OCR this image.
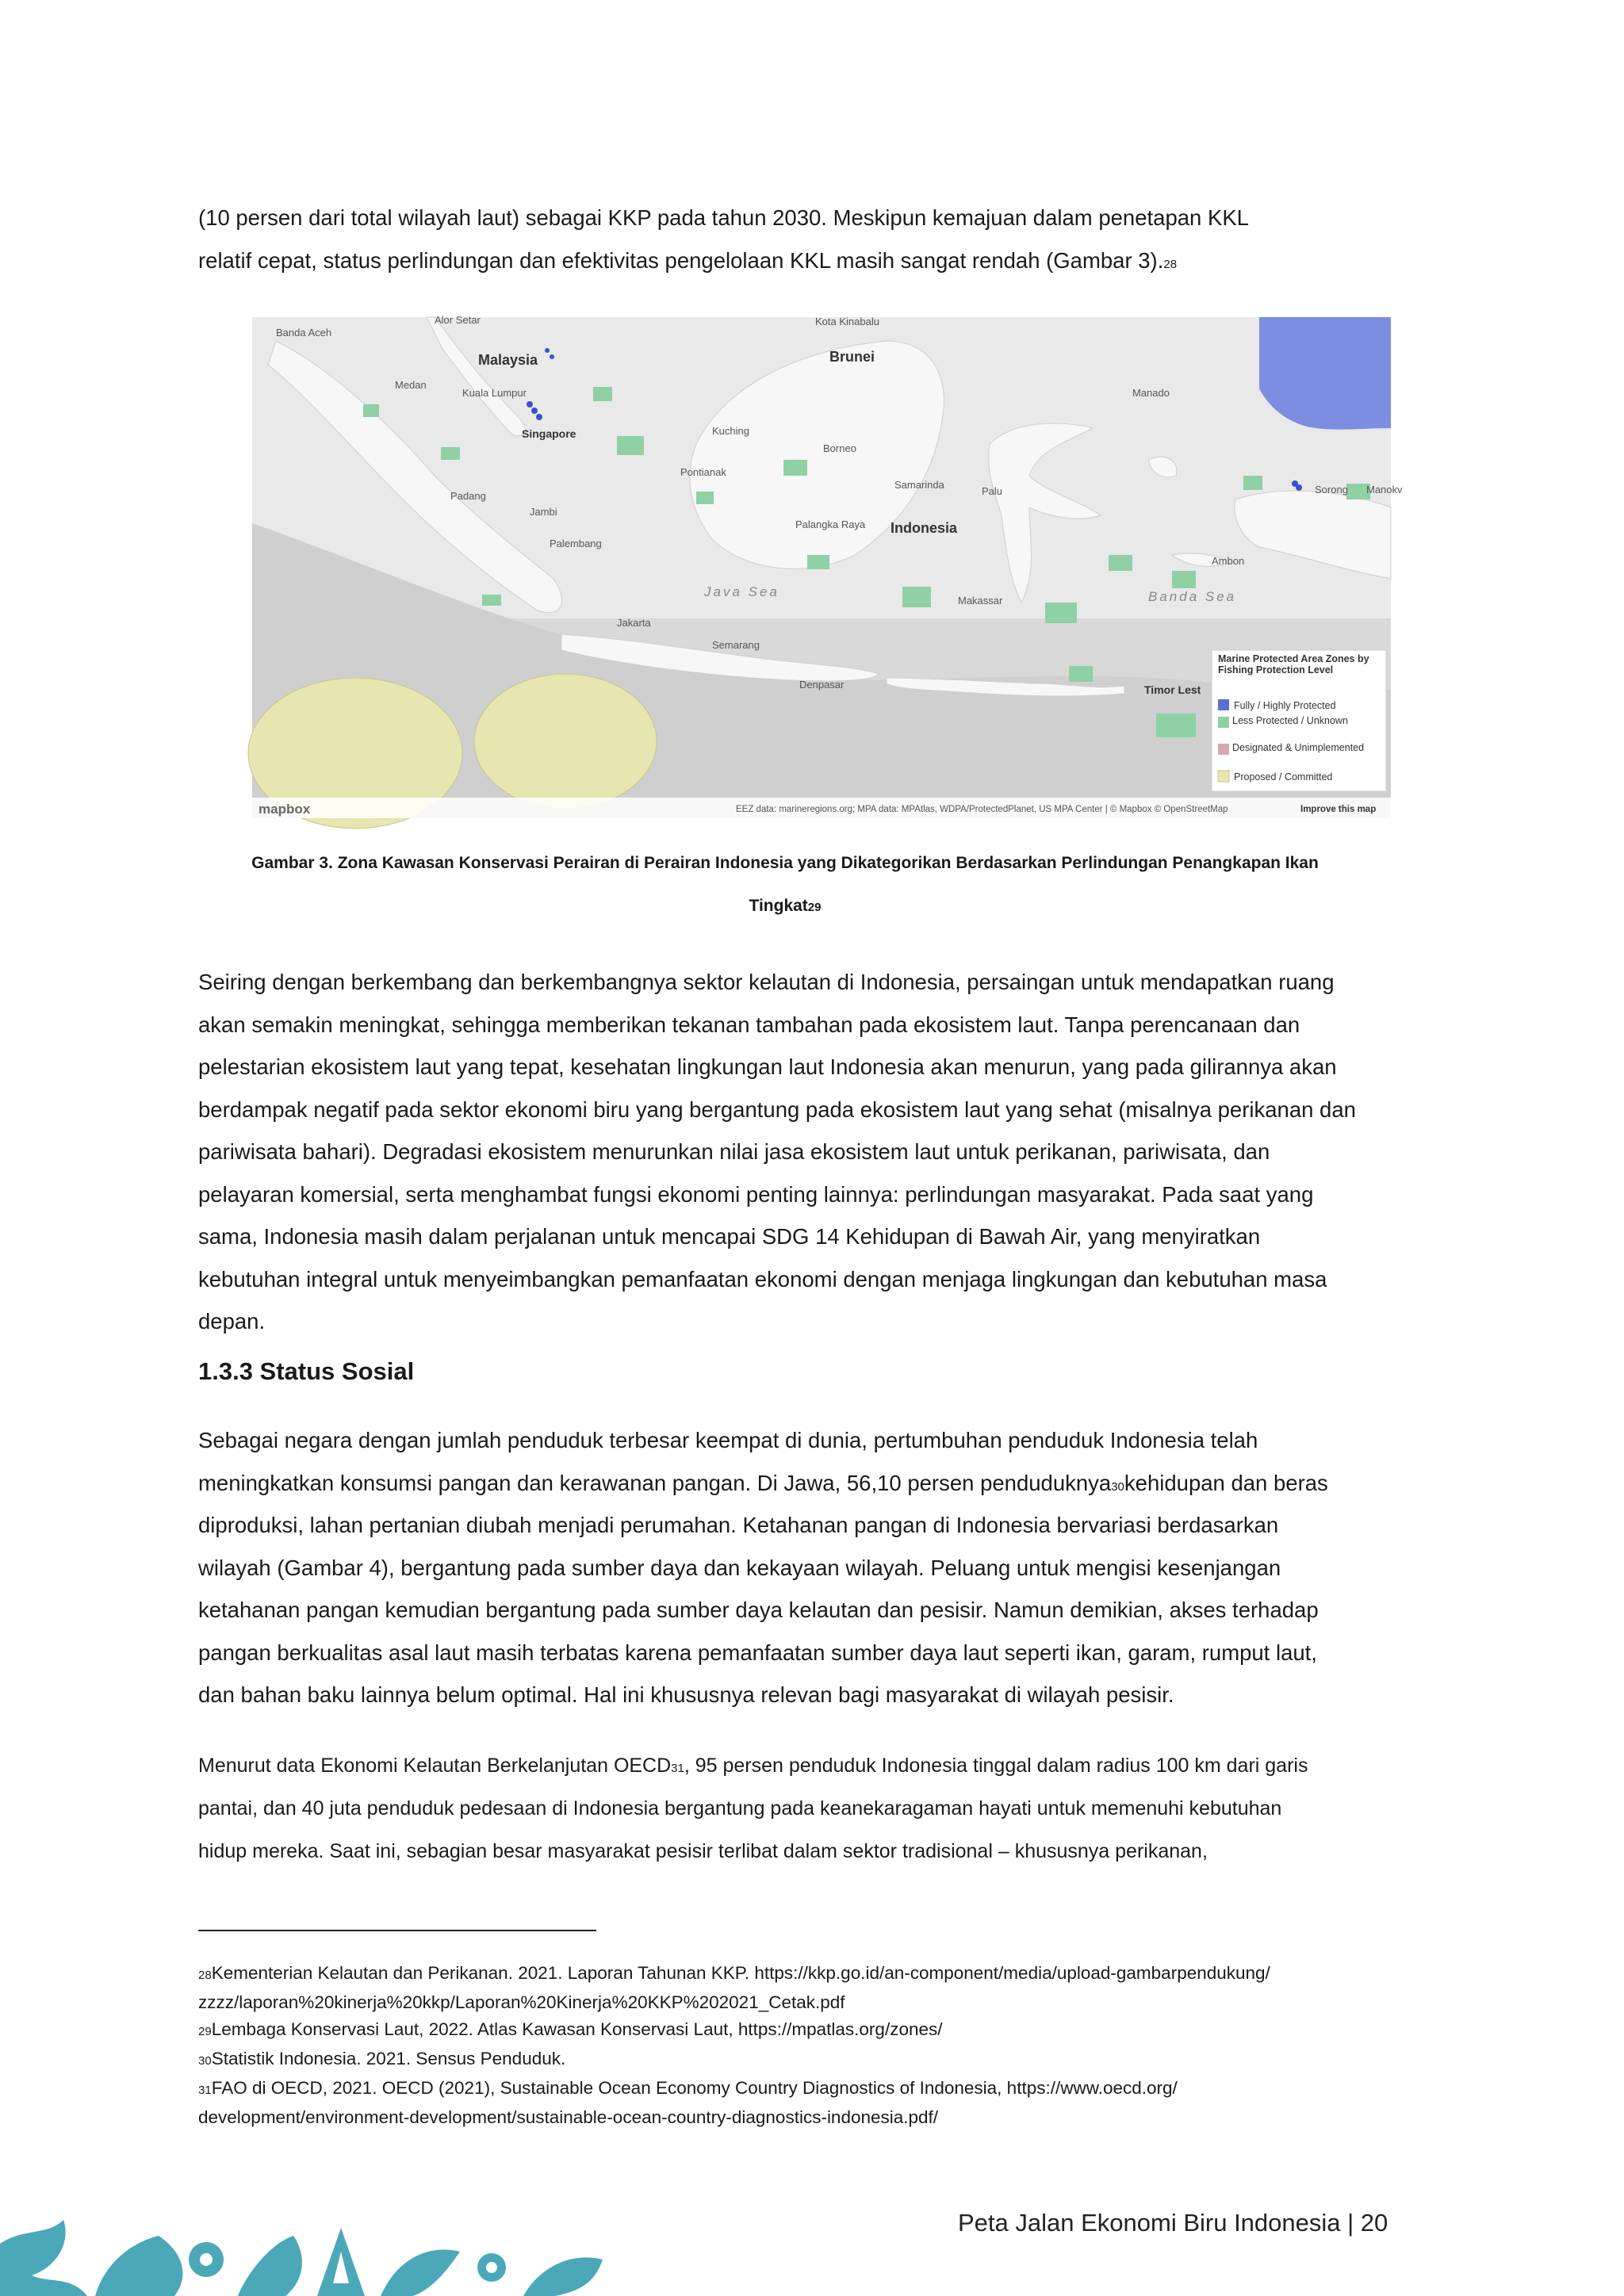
(10 persen dari total wilayah laut) sebagai KKP pada tahun 2030. Meskipun kemajuan dalam penetapan KKL

relatif cepat, status perlindungan dan efektivitas pengelolaan KKL masih sangat rendah (Gambar 3).28

Banda Aceh
Alor Setar
Medan
Kuala Lumpur
Kota Kinabalu
Kuching
Pontianak
Borneo
Samarinda
Palu
Palangka Raya
Jambi
Padang
Palembang
Jakarta
Semarang
Makassar
Manado
Ambon
Denpasar
Sorong Manokv
Malaysia	Brunei
Indonesia
Timor Lest
Singapore
Java Sea	Banda Sea
Marine Protected Area Zones by Fishing Protection Level
Fully / Highly Protected
Less Protected / Unknown
Designated & Unimplemented
Proposed / Committed
mapbox	EEZ data: marineregions.org; MPA data: MPAtlas, WDPA/ProtectedPlanet, US MPA Center | © Mapbox © OpenStreetMap	Improve this map

Gambar 3. Zona Kawasan Konservasi Perairan di Perairan Indonesia yang Dikategorikan Berdasarkan Perlindungan Penangkapan Ikan

Tingkat29

Seiring dengan berkembang dan berkembangnya sektor kelautan di Indonesia, persaingan untuk mendapatkan ruang

akan semakin meningkat, sehingga memberikan tekanan tambahan pada ekosistem laut. Tanpa perencanaan dan

pelestarian ekosistem laut yang tepat, kesehatan lingkungan laut Indonesia akan menurun, yang pada gilirannya akan

berdampak negatif pada sektor ekonomi biru yang bergantung pada ekosistem laut yang sehat (misalnya perikanan dan

pariwisata bahari). Degradasi ekosistem menurunkan nilai jasa ekosistem laut untuk perikanan, pariwisata, dan

pelayaran komersial, serta menghambat fungsi ekonomi penting lainnya: perlindungan masyarakat. Pada saat yang

sama, Indonesia masih dalam perjalanan untuk mencapai SDG 14 Kehidupan di Bawah Air, yang menyiratkan

kebutuhan integral untuk menyeimbangkan pemanfaatan ekonomi dengan menjaga lingkungan dan kebutuhan masa

depan.

1.3.3 Status Sosial

Sebagai negara dengan jumlah penduduk terbesar keempat di dunia, pertumbuhan penduduk Indonesia telah

meningkatkan konsumsi pangan dan kerawanan pangan. Di Jawa, 56,10 persen penduduknya30kehidupan dan beras

diproduksi, lahan pertanian diubah menjadi perumahan. Ketahanan pangan di Indonesia bervariasi berdasarkan

wilayah (Gambar 4), bergantung pada sumber daya dan kekayaan wilayah. Peluang untuk mengisi kesenjangan

ketahanan pangan kemudian bergantung pada sumber daya kelautan dan pesisir. Namun demikian, akses terhadap

pangan berkualitas asal laut masih terbatas karena pemanfaatan sumber daya laut seperti ikan, garam, rumput laut,

dan bahan baku lainnya belum optimal. Hal ini khususnya relevan bagi masyarakat di wilayah pesisir.

Menurut data Ekonomi Kelautan Berkelanjutan OECD31, 95 persen penduduk Indonesia tinggal dalam radius 100 km dari garis

pantai, dan 40 juta penduduk pedesaan di Indonesia bergantung pada keanekaragaman hayati untuk memenuhi kebutuhan

hidup mereka. Saat ini, sebagian besar masyarakat pesisir terlibat dalam sektor tradisional – khususnya perikanan,

28Kementerian Kelautan dan Perikanan. 2021. Laporan Tahunan KKP. https://kkp.go.id/an-component/media/upload-gambarpendukung/

zzzz/laporan%20kinerja%20kkp/Laporan%20Kinerja%20KKP%202021_Cetak.pdf

29Lembaga Konservasi Laut, 2022. Atlas Kawasan Konservasi Laut, https://mpatlas.org/zones/

30Statistik Indonesia. 2021. Sensus Penduduk.

31FAO di OECD, 2021. OECD (2021), Sustainable Ocean Economy Country Diagnostics of Indonesia, https://www.oecd.org/

development/environment-development/sustainable-ocean-country-diagnostics-indonesia.pdf/

Peta Jalan Ekonomi Biru Indonesia | 20
